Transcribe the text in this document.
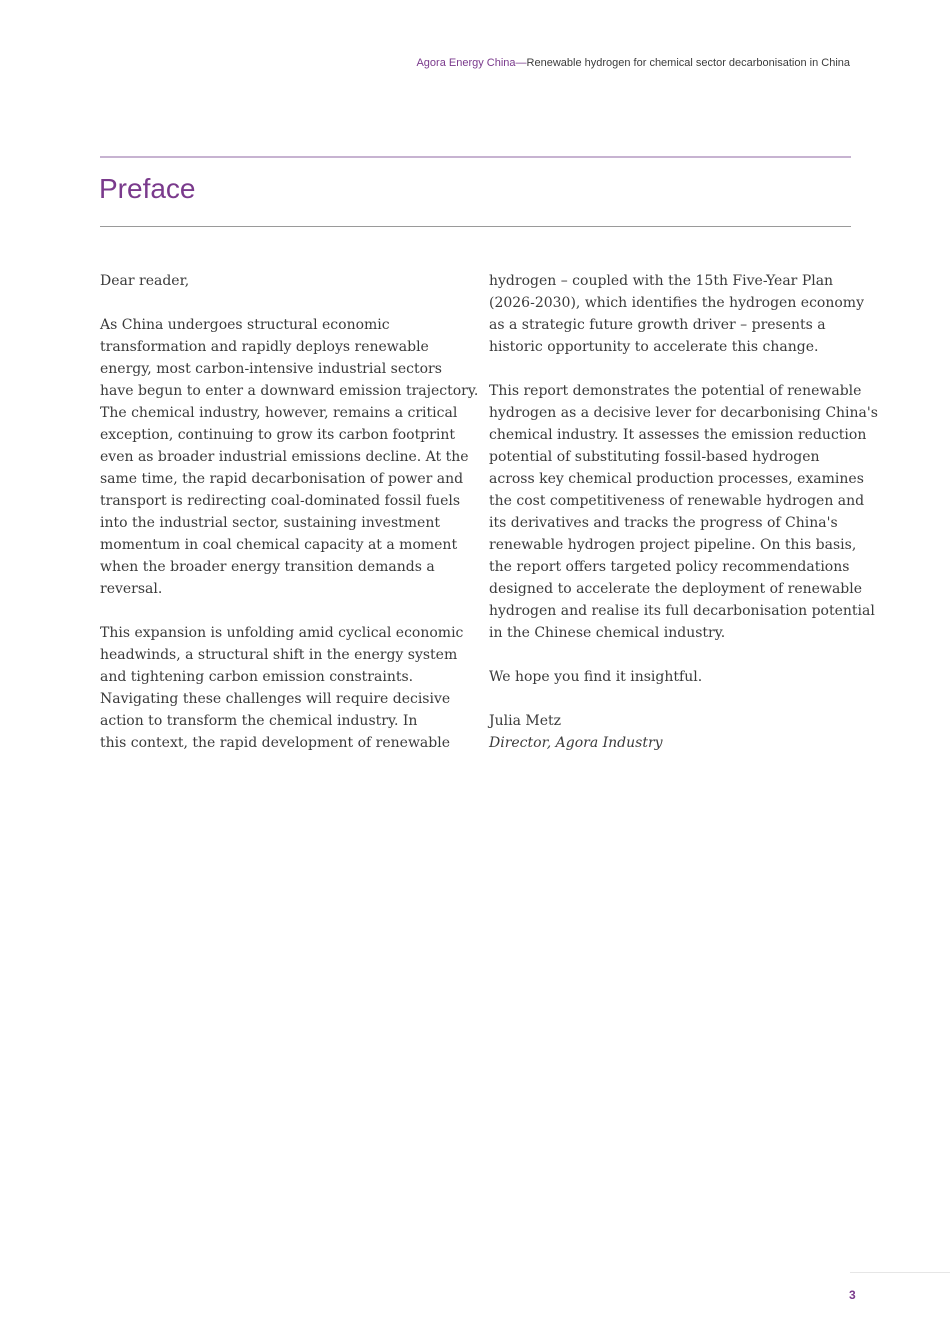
Agora Energy China—Renewable hydrogen for chemical sector decarbonisation in China
Preface
Dear reader,
As China undergoes structural economic
transformation and rapidly deploys renewable
energy, most carbon-intensive industrial sectors
have begun to enter a downward emission trajectory.
The chemical industry, however, remains a critical
exception, continuing to grow its carbon footprint
even as broader industrial emissions decline. At the
same time, the rapid decarbonisation of power and
transport is redirecting coal-dominated fossil fuels
into the industrial sector, sustaining investment
momentum in coal chemical capacity at a moment
when the broader energy transition demands a
reversal.
This expansion is unfolding amid cyclical economic
headwinds, a structural shift in the energy system
and tightening carbon emission constraints.
Navigating these challenges will require decisive
action to transform the chemical industry. In
this context, the rapid development of renewable
hydrogen – coupled with the 15th Five-Year Plan
(2026-2030), which identifies the hydrogen economy
as a strategic future growth driver – presents a
historic opportunity to accelerate this change.
This report demonstrates the potential of renewable
hydrogen as a decisive lever for decarbonising China's
chemical industry. It assesses the emission reduction
potential of substituting fossil-based hydrogen
across key chemical production processes, examines
the cost competitiveness of renewable hydrogen and
its derivatives and tracks the progress of China's
renewable hydrogen project pipeline. On this basis,
the report offers targeted policy recommendations
designed to accelerate the deployment of renewable
hydrogen and realise its full decarbonisation potential
in the Chinese chemical industry.
We hope you find it insightful.
Julia Metz
Director, Agora Industry
3
